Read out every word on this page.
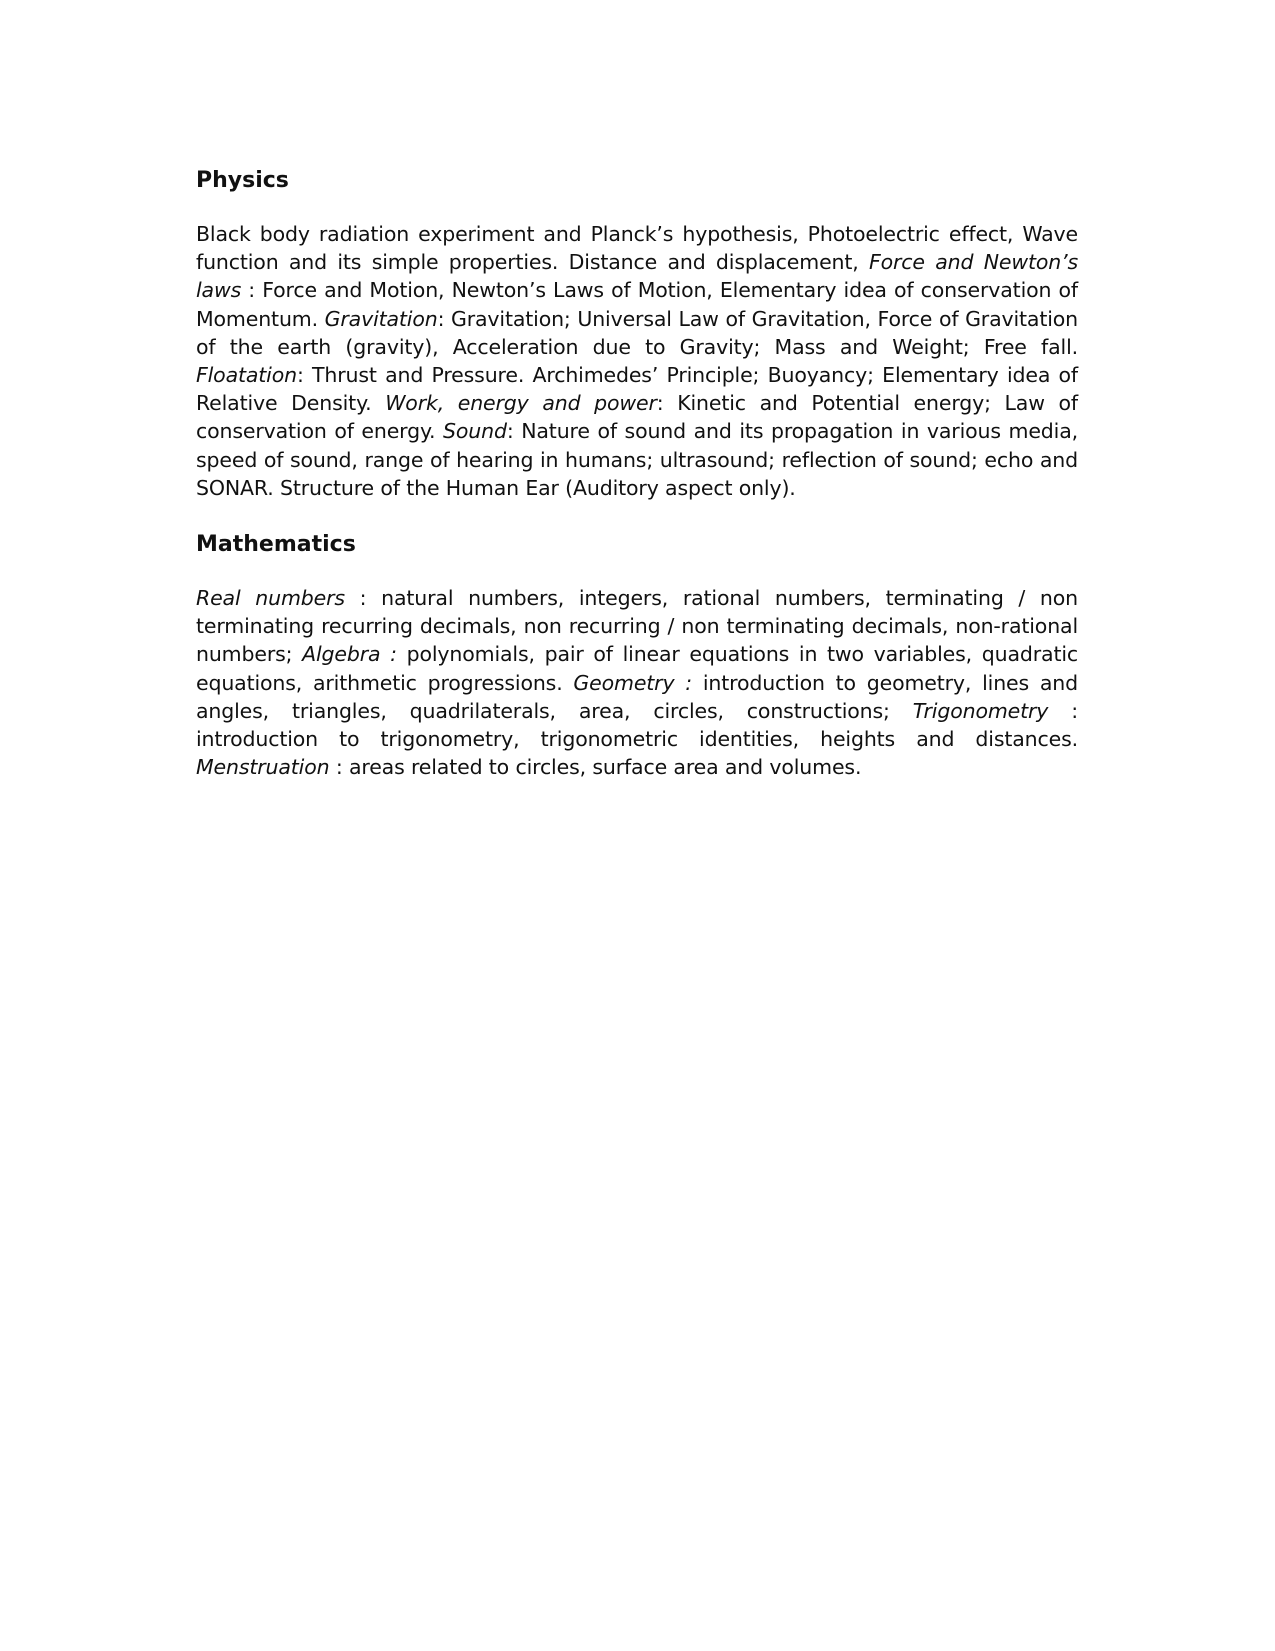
Physics

Black body radiation experiment and Planck’s hypothesis, Photoelectric effect, Wave function and its simple properties. Distance and displacement, Force and Newton’s laws : Force and Motion, Newton’s Laws of Motion, Elementary idea of conservation of Momentum. Gravitation: Gravitation; Universal Law of Gravitation, Force of Gravitation of the earth (gravity), Acceleration due to Gravity; Mass and Weight; Free fall. Floatation: Thrust and Pressure. Archimedes’ Principle; Buoyancy; Elementary idea of Relative Density. Work, energy and power: Kinetic and Potential energy; Law of conservation of energy. Sound: Nature of sound and its propagation in various media, speed of sound, range of hearing in humans; ultrasound; reflection of sound; echo and SONAR. Structure of the Human Ear (Auditory aspect only).

Mathematics

Real numbers : natural numbers, integers, rational numbers, terminating / non terminating recurring decimals, non recurring / non terminating decimals, non-rational numbers; Algebra : polynomials, pair of linear equations in two variables, quadratic equations, arithmetic progressions. Geometry : introduction to geometry, lines and angles, triangles, quadrilaterals, area, circles, constructions; Trigonometry : introduction to trigonometry, trigonometric identities, heights and distances. Menstruation : areas related to circles, surface area and volumes.
